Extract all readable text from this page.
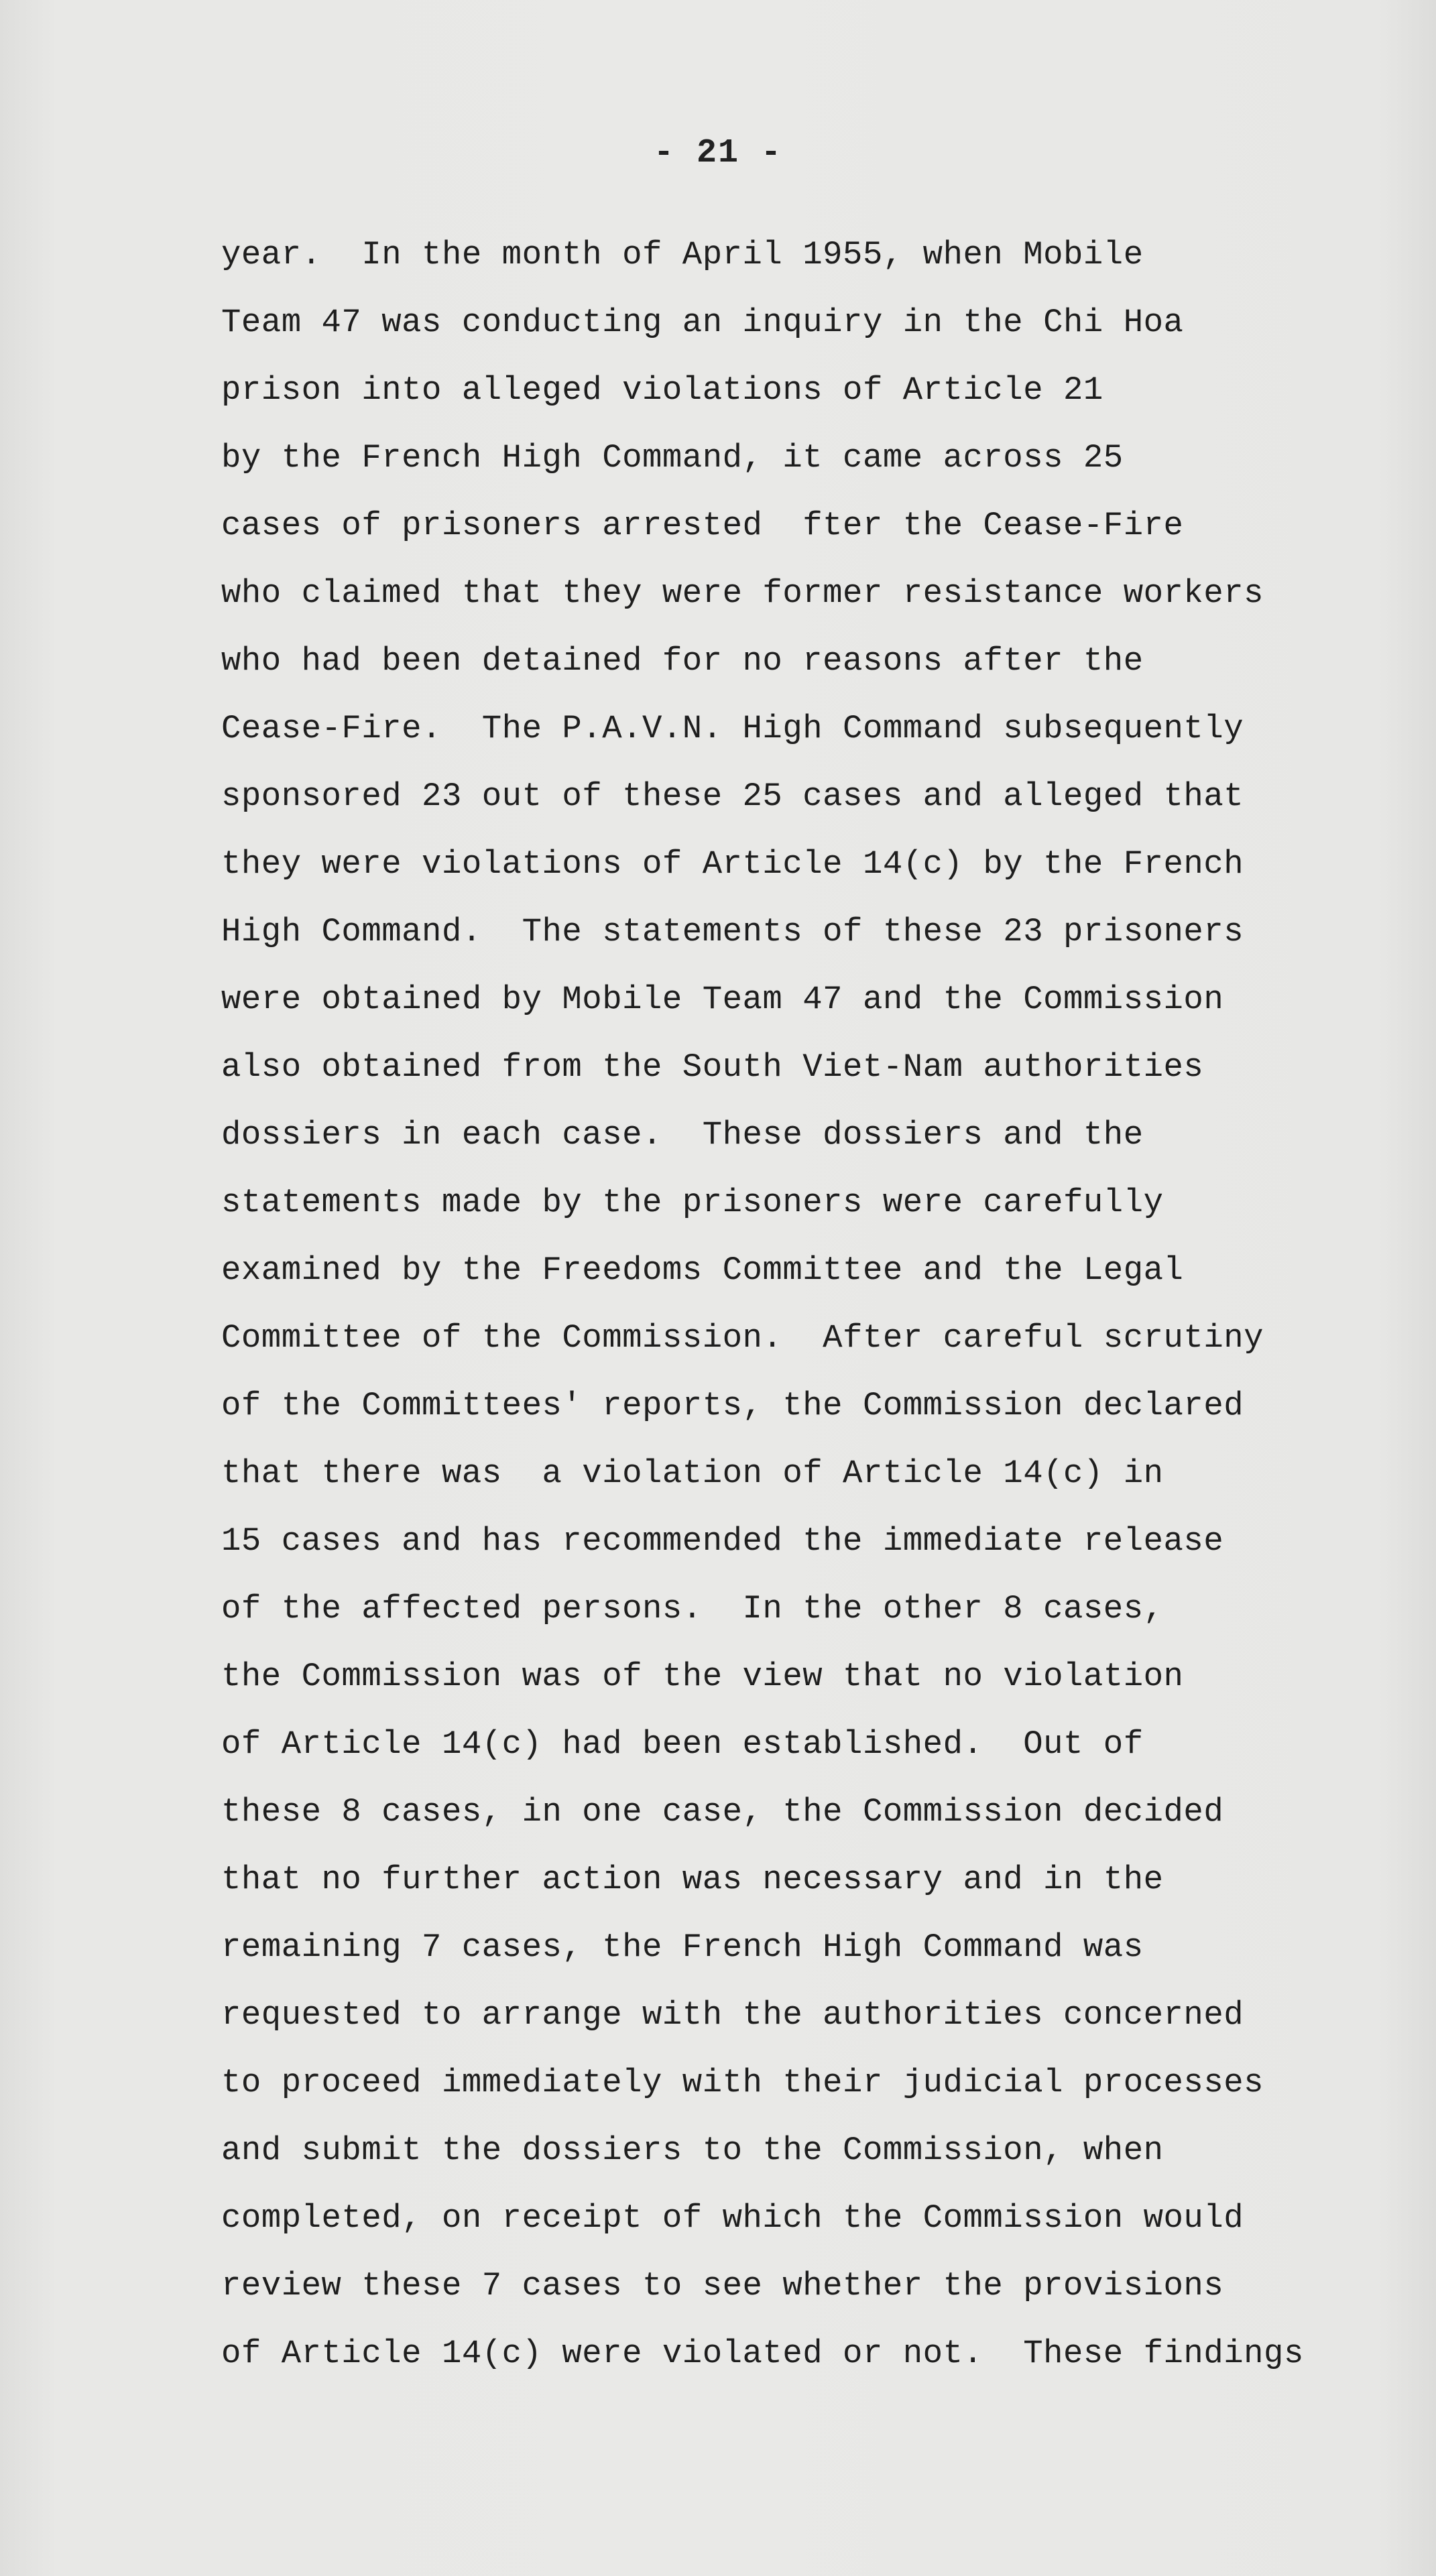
- 21 -
year.  In the month of April 1955, when Mobile
Team 47 was conducting an inquiry in the Chi Hoa
prison into alleged violations of Article 21
by the French High Command, it came across 25
cases of prisoners arrested  fter the Cease-Fire
who claimed that they were former resistance workers
who had been detained for no reasons after the
Cease-Fire.  The P.A.V.N. High Command subsequently
sponsored 23 out of these 25 cases and alleged that
they were violations of Article 14(c) by the French
High Command.  The statements of these 23 prisoners
were obtained by Mobile Team 47 and the Commission
also obtained from the South Viet-Nam authorities
dossiers in each case.  These dossiers and the
statements made by the prisoners were carefully
examined by the Freedoms Committee and the Legal
Committee of the Commission.  After careful scrutiny
of the Committees' reports, the Commission declared
that there was  a violation of Article 14(c) in
15 cases and has recommended the immediate release
of the affected persons.  In the other 8 cases,
the Commission was of the view that no violation
of Article 14(c) had been established.  Out of
these 8 cases, in one case, the Commission decided
that no further action was necessary and in the
remaining 7 cases, the French High Command was
requested to arrange with the authorities concerned
to proceed immediately with their judicial processes
and submit the dossiers to the Commission, when
completed, on receipt of which the Commission would
review these 7 cases to see whether the provisions
of Article 14(c) were violated or not.  These findings
